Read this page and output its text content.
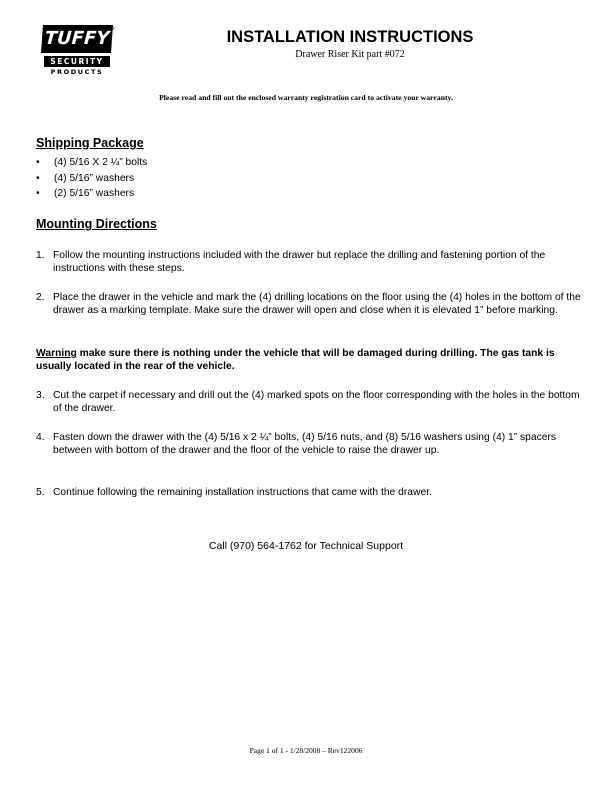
TUFFY
SECURITY
PRODUCTS
®	INSTALLATION INSTRUCTIONS
Drawer Riser Kit part #072
Please read and fill out the enclosed warranty registration card to activate your warranty.
Shipping Package
• (4) 5/16 X 2 ¼” bolts
• (4) 5/16” washers
• (2) 5/16” washers
Mounting Directions
1. Follow the mounting instructions included with the drawer but replace the drilling and fastening portion of the instructions with these steps.
2. Place the drawer in the vehicle and mark the (4) drilling locations on the floor using the (4) holes in the bottom of the drawer as a marking template. Make sure the drawer will open and close when it is elevated 1” before marking.
Warning make sure there is nothing under the vehicle that will be damaged during drilling. The gas tank is usually located in the rear of the vehicle.
3. Cut the carpet if necessary and drill out the (4) marked spots on the floor corresponding with the holes in the bottom of the drawer.
4. Fasten down the drawer with the (4) 5/16 x 2 ¼” bolts, (4) 5/16 nuts, and (8) 5/16 washers using (4) 1” spacers between with bottom of the drawer and the floor of the vehicle to raise the drawer up.
5. Continue following the remaining installation instructions that came with the drawer.
Call (970) 564-1762 for Technical Support
Page 1 of 1 - 1/28/2008 – Rev122006
